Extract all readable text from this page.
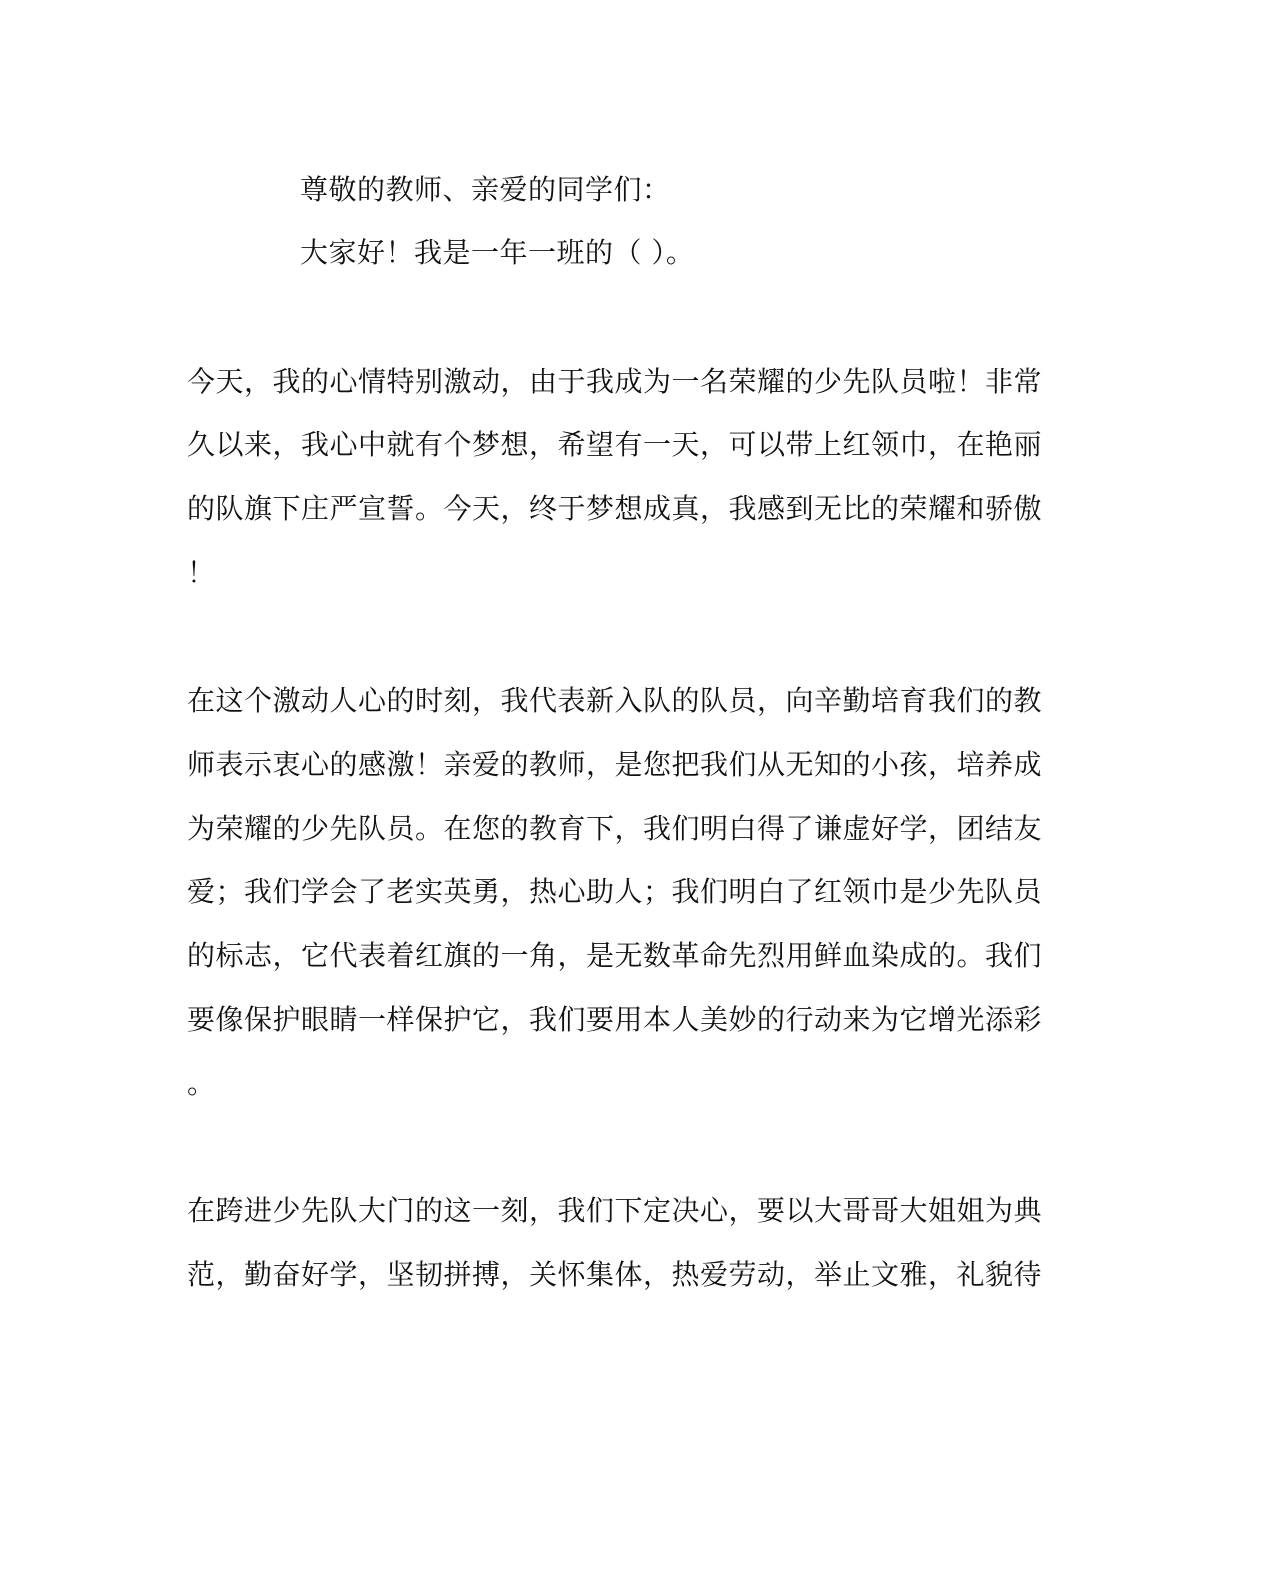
尊敬的教师、亲爱的同学们：
大家好！我是一年一班的（ ）。
今天，我的心情特别激动，由于我成为一名荣耀的少先队员啦！非常
久以来，我心中就有个梦想，希望有一天，可以带上红领巾，在艳丽
的队旗下庄严宣誓。今天，终于梦想成真，我感到无比的荣耀和骄傲
！
在这个激动人心的时刻，我代表新入队的队员，向辛勤培育我们的教
师表示衷心的感激！亲爱的教师，是您把我们从无知的小孩，培养成
为荣耀的少先队员。在您的教育下，我们明白得了谦虚好学，团结友
爱；我们学会了老实英勇，热心助人；我们明白了红领巾是少先队员
的标志，它代表着红旗的一角，是无数革命先烈用鲜血染成的。我们
要像保护眼睛一样保护它，我们要用本人美妙的行动来为它增光添彩
。
在跨进少先队大门的这一刻，我们下定决心，要以大哥哥大姐姐为典
范，勤奋好学，坚韧拼搏，关怀集体，热爱劳动，举止文雅，礼貌待
